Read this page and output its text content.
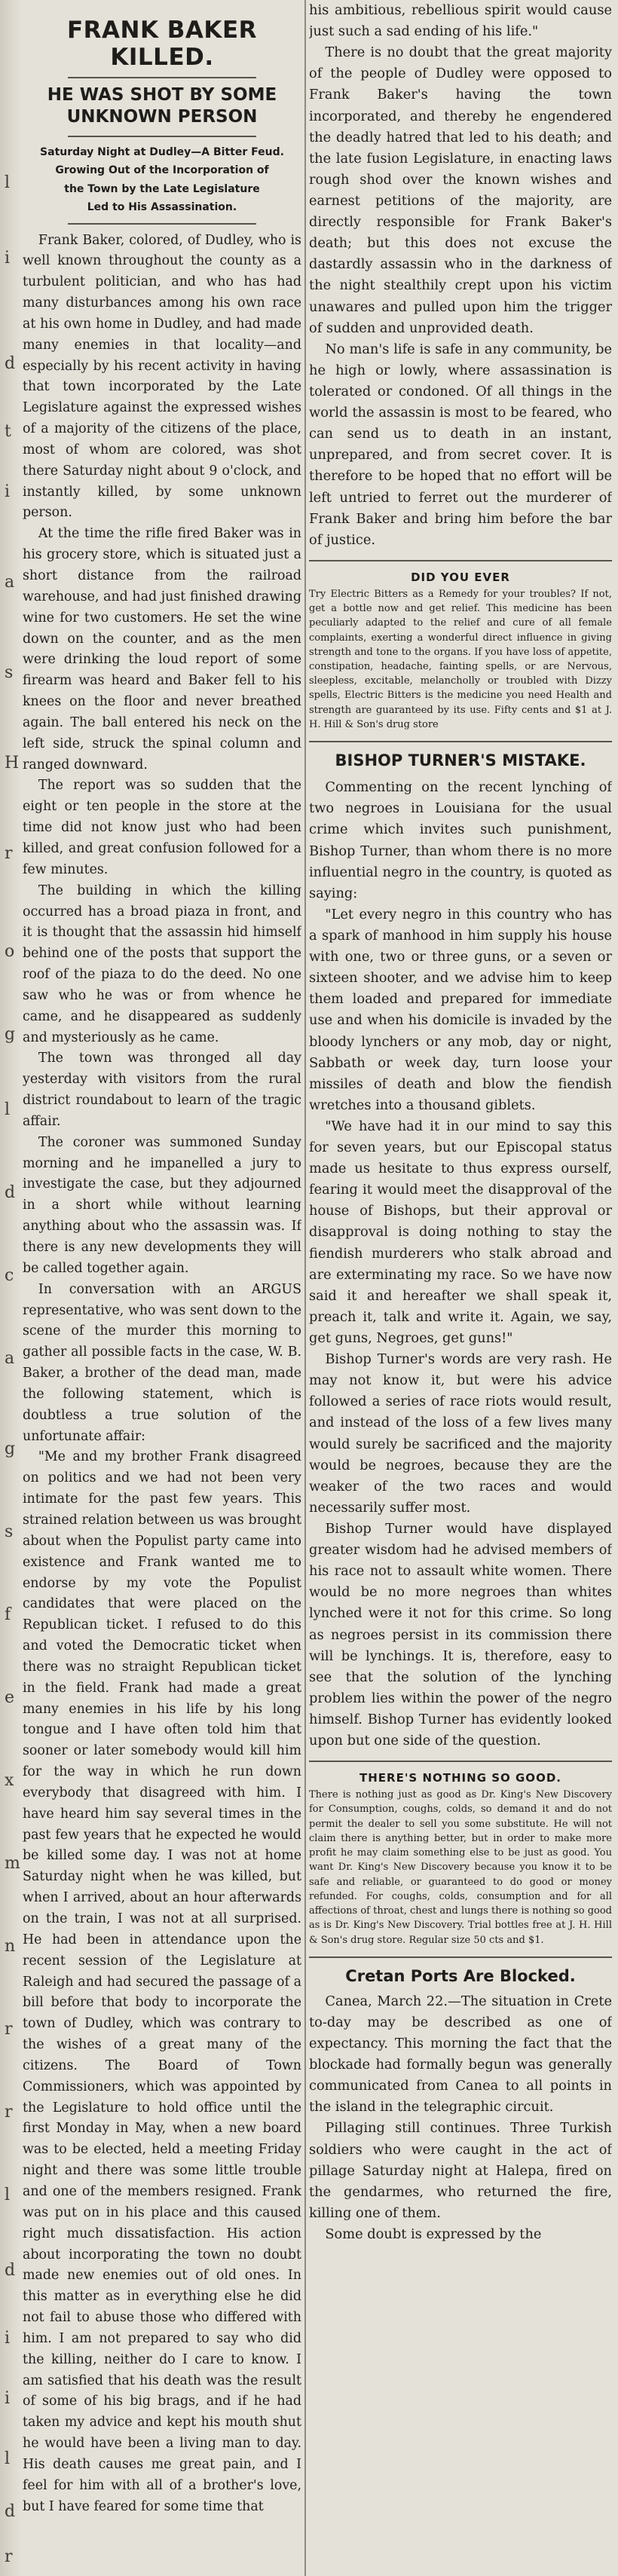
l
i
d
t
i
a
s
H
r
o
g
l
d
c
a
g
s
f
e
x
m
n
r
r
l
d
i
i
l
d
r
FRANK BAKER KILLED.
HE WAS SHOT BY SOME UNKNOWN PERSON
Saturday Night at Dudley—A Bitter Feud.
Growing Out of the Incorporation of
the Town by the Late Legislature
Led to His Assassination.

Frank Baker, colored, of Dudley, who is well known throughout the county as a turbulent politician, and who has had many disturbances among his own race at his own home in Dudley, and had made many enemies in that locality—and especially by his recent activity in having that town incorporated by the Late Legislature against the expressed wishes of a majority of the citizens of the place, most of whom are colored, was shot there Saturday night about 9 o'clock, and instantly killed, by some unknown person.

At the time the rifle fired Baker was in his grocery store, which is situated just a short distance from the railroad warehouse, and had just finished drawing wine for two customers. He set the wine down on the counter, and as the men were drinking the loud report of some firearm was heard and Baker fell to his knees on the floor and never breathed again. The ball entered his neck on the left side, struck the spinal column and ranged downward.

The report was so sudden that the eight or ten people in the store at the time did not know just who had been killed, and great confusion followed for a few minutes.

The building in which the killing occurred has a broad piaza in front, and it is thought that the assassin hid himself behind one of the posts that support the roof of the piaza to do the deed. No one saw who he was or from whence he came, and he disappeared as suddenly and mysteriously as he came.

The town was thronged all day yesterday with visitors from the rural district roundabout to learn of the tragic affair.

The coroner was summoned Sunday morning and he impanelled a jury to investigate the case, but they adjourned in a short while without learning anything about who the assassin was. If there is any new developments they will be called together again.

In conversation with an ARGUS representative, who was sent down to the scene of the murder this morning to gather all possible facts in the case, W. B. Baker, a brother of the dead man, made the following statement, which is doubtless a true solution of the unfortunate affair:

"Me and my brother Frank disagreed on politics and we had not been very intimate for the past few years. This strained relation between us was brought about when the Populist party came into existence and Frank wanted me to endorse by my vote the Populist candidates that were placed on the Republican ticket. I refused to do this and voted the Democratic ticket when there was no straight Republican ticket in the field. Frank had made a great many enemies in his life by his long tongue and I have often told him that sooner or later somebody would kill him for the way in which he run down everybody that disagreed with him. I have heard him say several times in the past few years that he expected he would be killed some day. I was not at home Saturday night when he was killed, but when I arrived, about an hour afterwards on the train, I was not at all surprised. He had been in attendance upon the recent session of the Legislature at Raleigh and had secured the passage of a bill before that body to incorporate the town of Dudley, which was contrary to the wishes of a great many of the citizens. The Board of Town Commissioners, which was appointed by the Legislature to hold office until the first Monday in May, when a new board was to be elected, held a meeting Friday night and there was some little trouble and one of the members resigned. Frank was put on in his place and this caused right much dissatisfaction. His action about incorporating the town no doubt made new enemies out of old ones. In this matter as in everything else he did not fail to abuse those who differed with him. I am not prepared to say who did the killing, neither do I care to know. I am satisfied that his death was the result of some of his big brags, and if he had taken my advice and kept his mouth shut he would have been a living man to day. His death causes me great pain, and I feel for him with all of a brother's love, but I have feared for some time that

his ambitious, rebellious spirit would cause just such a sad ending of his life."

There is no doubt that the great majority of the people of Dudley were opposed to Frank Baker's having the town incorporated, and thereby he engendered the deadly hatred that led to his death; and the late fusion Legislature, in enacting laws rough shod over the known wishes and earnest petitions of the majority, are directly responsible for Frank Baker's death; but this does not excuse the dastardly assassin who in the darkness of the night stealthily crept upon his victim unawares and pulled upon him the trigger of sudden and unprovided death.

No man's life is safe in any community, be he high or lowly, where assassination is tolerated or condoned. Of all things in the world the assassin is most to be feared, who can send us to death in an instant, unprepared, and from secret cover. It is therefore to be hoped that no effort will be left untried to ferret out the murderer of Frank Baker and bring him before the bar of justice.

DID YOU EVER

Try Electric Bitters as a Remedy for your troubles? If not, get a bottle now and get relief. This medicine has been peculiarly adapted to the relief and cure of all female complaints, exerting a wonderful direct influence in giving strength and tone to the organs. If you have loss of appetite, constipation, headache, fainting spells, or are Nervous, sleepless, excitable, melancholly or troubled with Dizzy spells, Electric Bitters is the medicine you need Health and strength are guaranteed by its use. Fifty cents and $1 at J. H. Hill & Son's drug store

BISHOP TURNER'S MISTAKE.

Commenting on the recent lynching of two negroes in Louisiana for the usual crime which invites such punishment, Bishop Turner, than whom there is no more influential negro in the country, is quoted as saying:

"Let every negro in this country who has a spark of manhood in him supply his house with one, two or three guns, or a seven or sixteen shooter, and we advise him to keep them loaded and prepared for immediate use and when his domicile is invaded by the bloody lynchers or any mob, day or night, Sabbath or week day, turn loose your missiles of death and blow the fiendish wretches into a thousand giblets.

"We have had it in our mind to say this for seven years, but our Episcopal status made us hesitate to thus express ourself, fearing it would meet the disapproval of the house of Bishops, but their approval or disapproval is doing nothing to stay the fiendish murderers who stalk abroad and are exterminating my race. So we have now said it and hereafter we shall speak it, preach it, talk and write it. Again, we say, get guns, Negroes, get guns!"

Bishop Turner's words are very rash. He may not know it, but were his advice followed a series of race riots would result, and instead of the loss of a few lives many would surely be sacrificed and the majority would be negroes, because they are the weaker of the two races and would necessarily suffer most.

Bishop Turner would have displayed greater wisdom had he advised members of his race not to assault white women. There would be no more negroes than whites lynched were it not for this crime. So long as negroes persist in its commission there will be lynchings. It is, therefore, easy to see that the solution of the lynching problem lies within the power of the negro himself. Bishop Turner has evidently looked upon but one side of the question.

THERE'S NOTHING SO GOOD.

There is nothing just as good as Dr. King's New Discovery for Consumption, coughs, colds, so demand it and do not permit the dealer to sell you some substitute. He will not claim there is anything better, but in order to make more profit he may claim something else to be just as good. You want Dr. King's New Discovery because you know it to be safe and reliable, or guaranteed to do good or money refunded. For coughs, colds, consumption and for all affections of throat, chest and lungs there is nothing so good as is Dr. King's New Discovery. Trial bottles free at J. H. Hill & Son's drug store. Regular size 50 cts and $1.

Cretan Ports Are Blocked.

Canea, March 22.—The situation in Crete to-day may be described as one of expectancy. This morning the fact that the blockade had formally begun was generally communicated from Canea to all points in the island in the telegraphic circuit.

Pillaging still continues. Three Turkish soldiers who were caught in the act of pillage Saturday night at Halepa, fired on the gendarmes, who returned the fire, killing one of them.

Some doubt is expressed by the
